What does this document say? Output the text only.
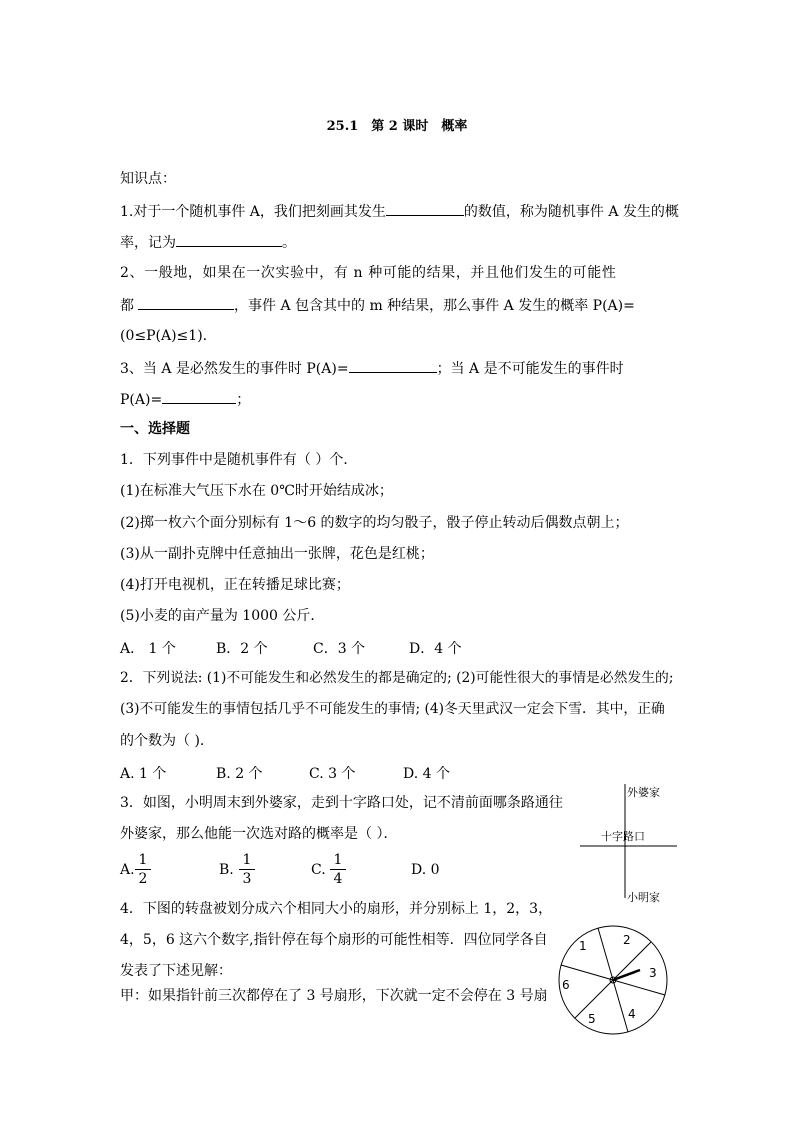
25.1　第 2 课时　概率
知识点：
1.对于一个随机事件 A，我们把刻画其发生	的数值，称为随机事件 A 发生的概
率，记为	。
2、一般地，如果在一次实验中，有 n 种可能的结果，并且他们发生的可能性
都	，事件 A 包含其中的 m 种结果，那么事件 A 发生的概率 P(A)=
(0≤P(A)≤1).
3、当 A 是必然发生的事件时 P(A)=	；当 A 是不可能发生的事件时
P(A)=	；
一、选择题
1．下列事件中是随机事件有（ ）个．
(1)在标准大气压下水在 0℃时开始结成冰；
(2)掷一枚六个面分别标有 1～6 的数字的均匀骰子，骰子停止转动后偶数点朝上；
(3)从一副扑克牌中任意抽出一张牌，花色是红桃；
(4)打开电视机，正在转播足球比赛；
(5)小麦的亩产量为 1000 公斤．
A． 1 个	B．2 个	C．3 个	D．4 个
2．下列说法: (1)不可能发生和必然发生的都是确定的; (2)可能性很大的事情是必然发生的;
(3)不可能发生的事情包括几乎不可能发生的事情; (4)冬天里武汉一定会下雪．其中，正确
的个数为（ ).
A. 1 个	B. 2 个	C. 3 个	D. 4 个
3．如图，小明周末到外婆家，走到十字路口处，记不清前面哪条路通往
外婆家，那么他能一次选对路的概率是（ ）．
A. $\frac{1}{2}$	B. $\frac{1}{3}$	C. $\frac{1}{4}$	D. 0
外婆家
十字路口
小明家
4．下图的转盘被划分成六个相同大小的扇形，并分别标上 1，2，3，
4，5，6 这六个数字,指针停在每个扇形的可能性相等．四位同学各自
发表了下述见解：
甲：如果指针前三次都停在了 3 号扇形，下次就一定不会停在 3 号扇
1	2
3
4
5
6
